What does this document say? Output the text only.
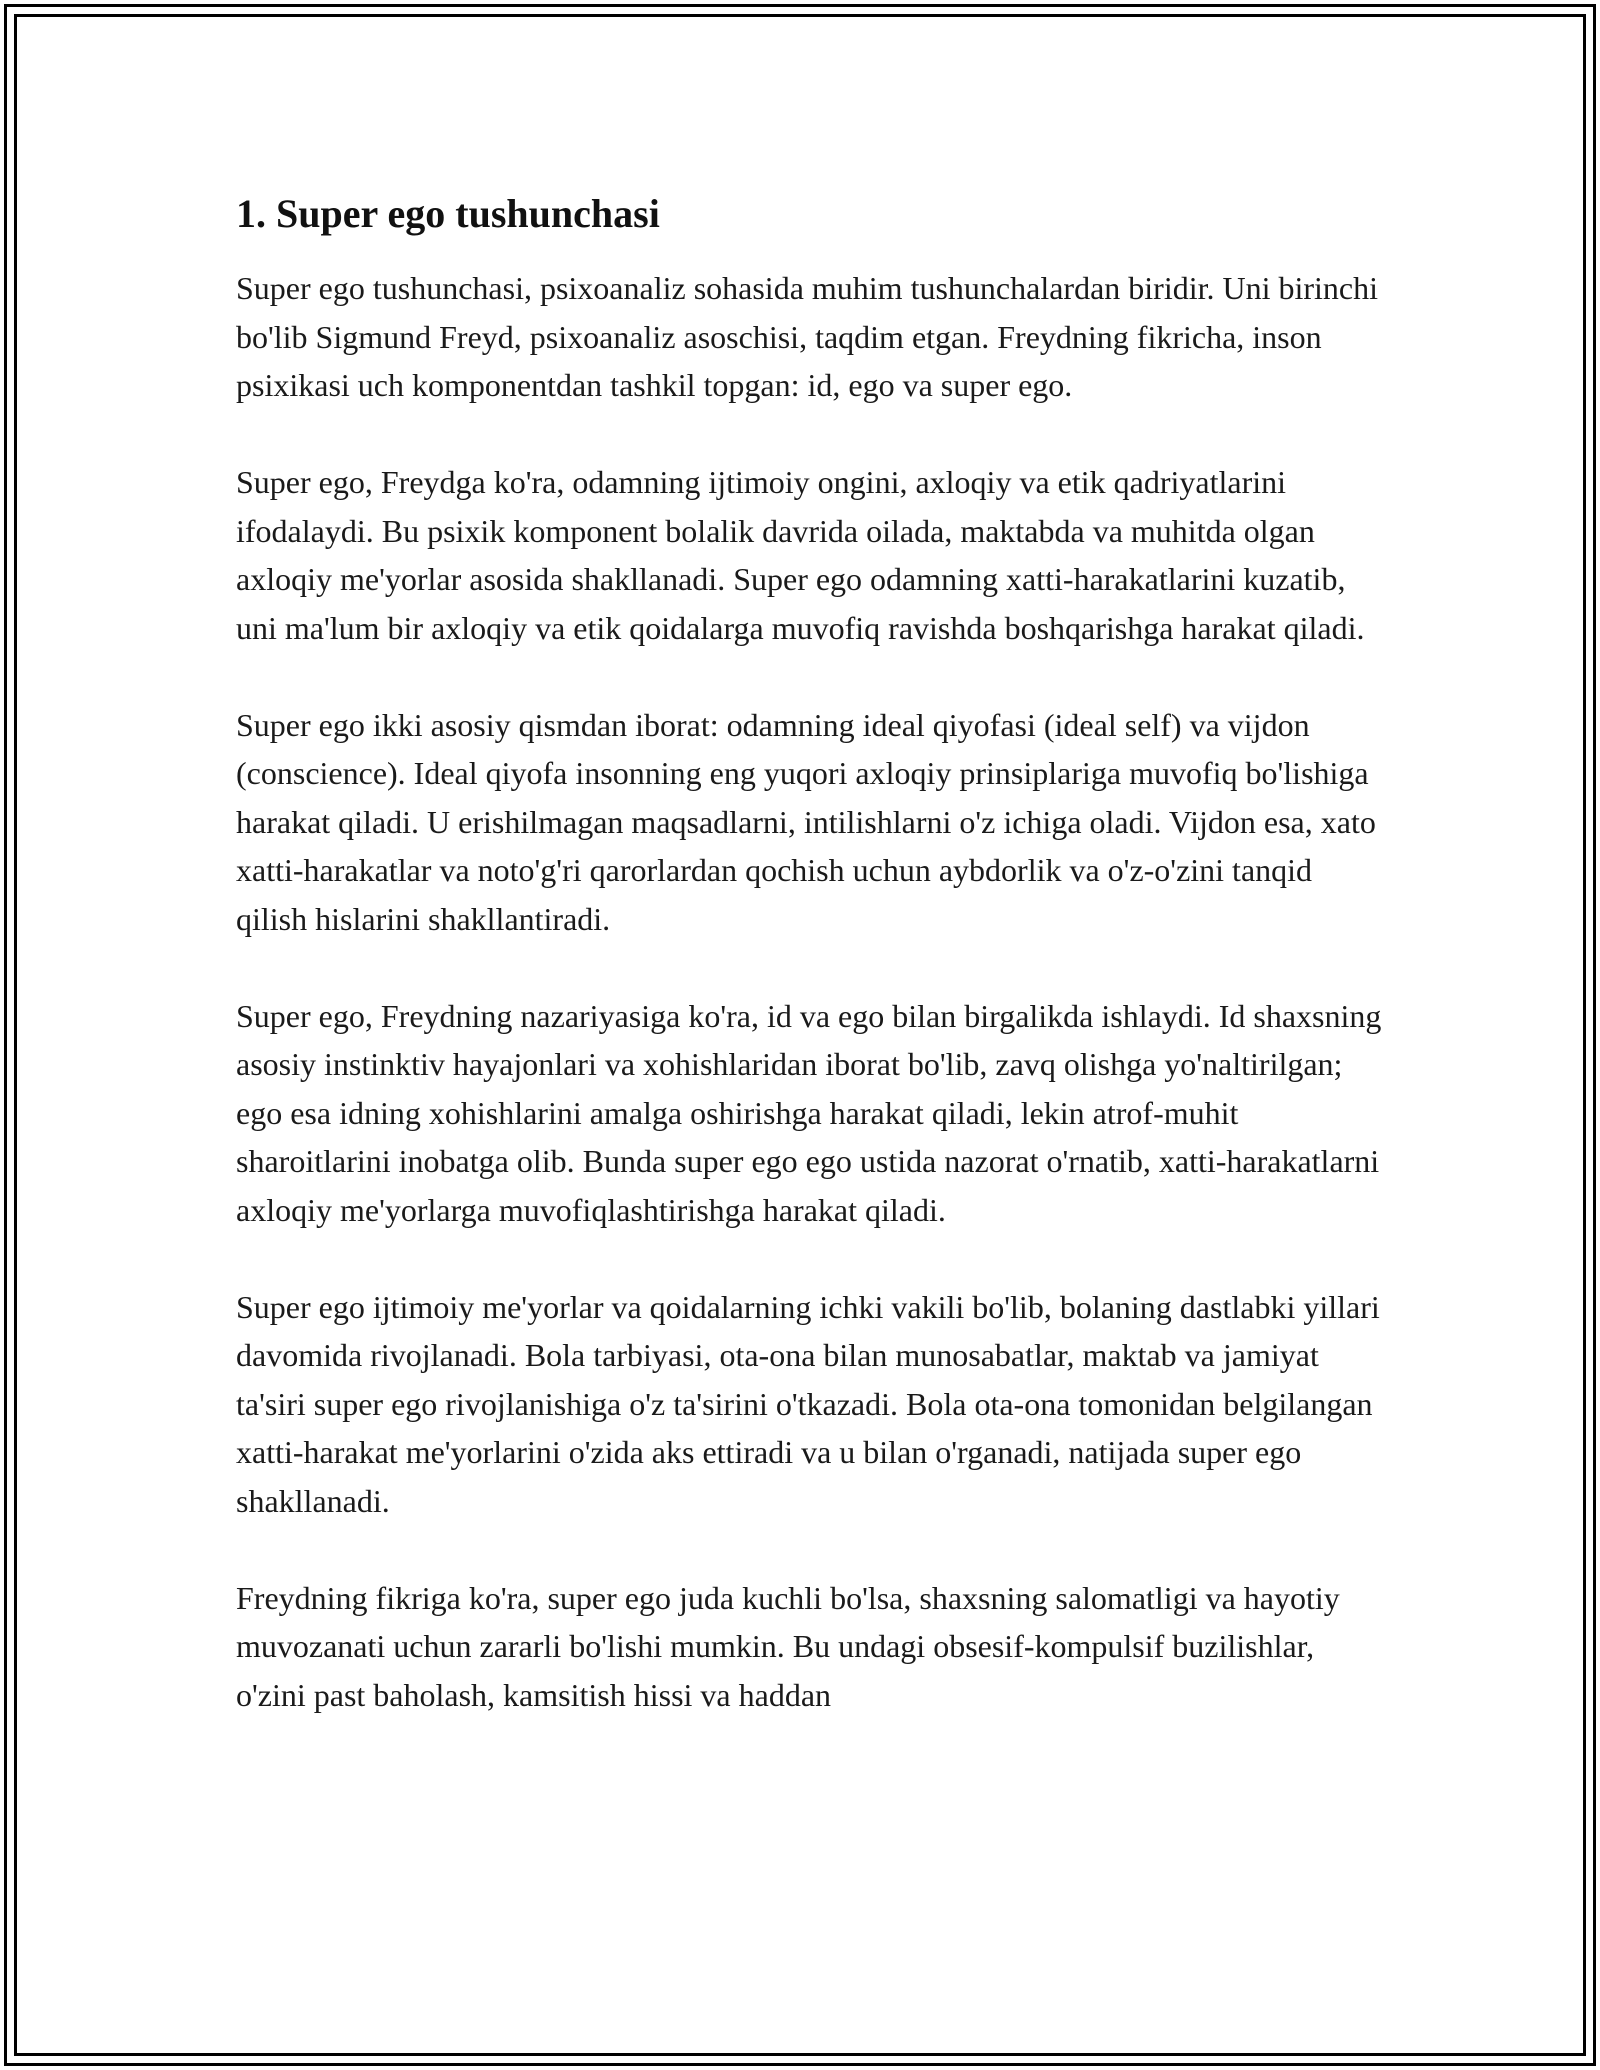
1. Super ego tushunchasi

Super ego tushunchasi, psixoanaliz sohasida muhim tushunchalardan biridir. Uni birinchi bo'lib Sigmund Freyd, psixoanaliz asoschisi, taqdim etgan. Freydning fikricha, inson psixikasi uch komponentdan tashkil topgan: id, ego va super ego.

Super ego, Freydga ko'ra, odamning ijtimoiy ongini, axloqiy va etik qadriyatlarini ifodalaydi. Bu psixik komponent bolalik davrida oilada, maktabda va muhitda olgan axloqiy me'yorlar asosida shakllanadi. Super ego odamning xatti-harakatlarini kuzatib, uni ma'lum bir axloqiy va etik qoidalarga muvofiq ravishda boshqarishga harakat qiladi.

Super ego ikki asosiy qismdan iborat: odamning ideal qiyofasi (ideal self) va vijdon (conscience). Ideal qiyofa insonning eng yuqori axloqiy prinsiplariga muvofiq bo'lishiga harakat qiladi. U erishilmagan maqsadlarni, intilishlarni o'z ichiga oladi. Vijdon esa, xato xatti-harakatlar va noto'g'ri qarorlardan qochish uchun aybdorlik va o'z-o'zini tanqid qilish hislarini shakllantiradi.

Super ego, Freydning nazariyasiga ko'ra, id va ego bilan birgalikda ishlaydi. Id shaxsning asosiy instinktiv hayajonlari va xohishlaridan iborat bo'lib, zavq olishga yo'naltirilgan; ego esa idning xohishlarini amalga oshirishga harakat qiladi, lekin atrof-muhit sharoitlarini inobatga olib. Bunda super ego ego ustida nazorat o'rnatib, xatti-harakatlarni axloqiy me'yorlarga muvofiqlashtirishga harakat qiladi.

Super ego ijtimoiy me'yorlar va qoidalarning ichki vakili bo'lib, bolaning dastlabki yillari davomida rivojlanadi. Bola tarbiyasi, ota-ona bilan munosabatlar, maktab va jamiyat ta'siri super ego rivojlanishiga o'z ta'sirini o'tkazadi. Bola ota-ona tomonidan belgilangan xatti-harakat me'yorlarini o'zida aks ettiradi va u bilan o'rganadi, natijada super ego shakllanadi.

Freydning fikriga ko'ra, super ego juda kuchli bo'lsa, shaxsning salomatligi va hayotiy muvozanati uchun zararli bo'lishi mumkin. Bu undagi obsesif-kompulsif buzilishlar, o'zini past baholash, kamsitish hissi va haddan
